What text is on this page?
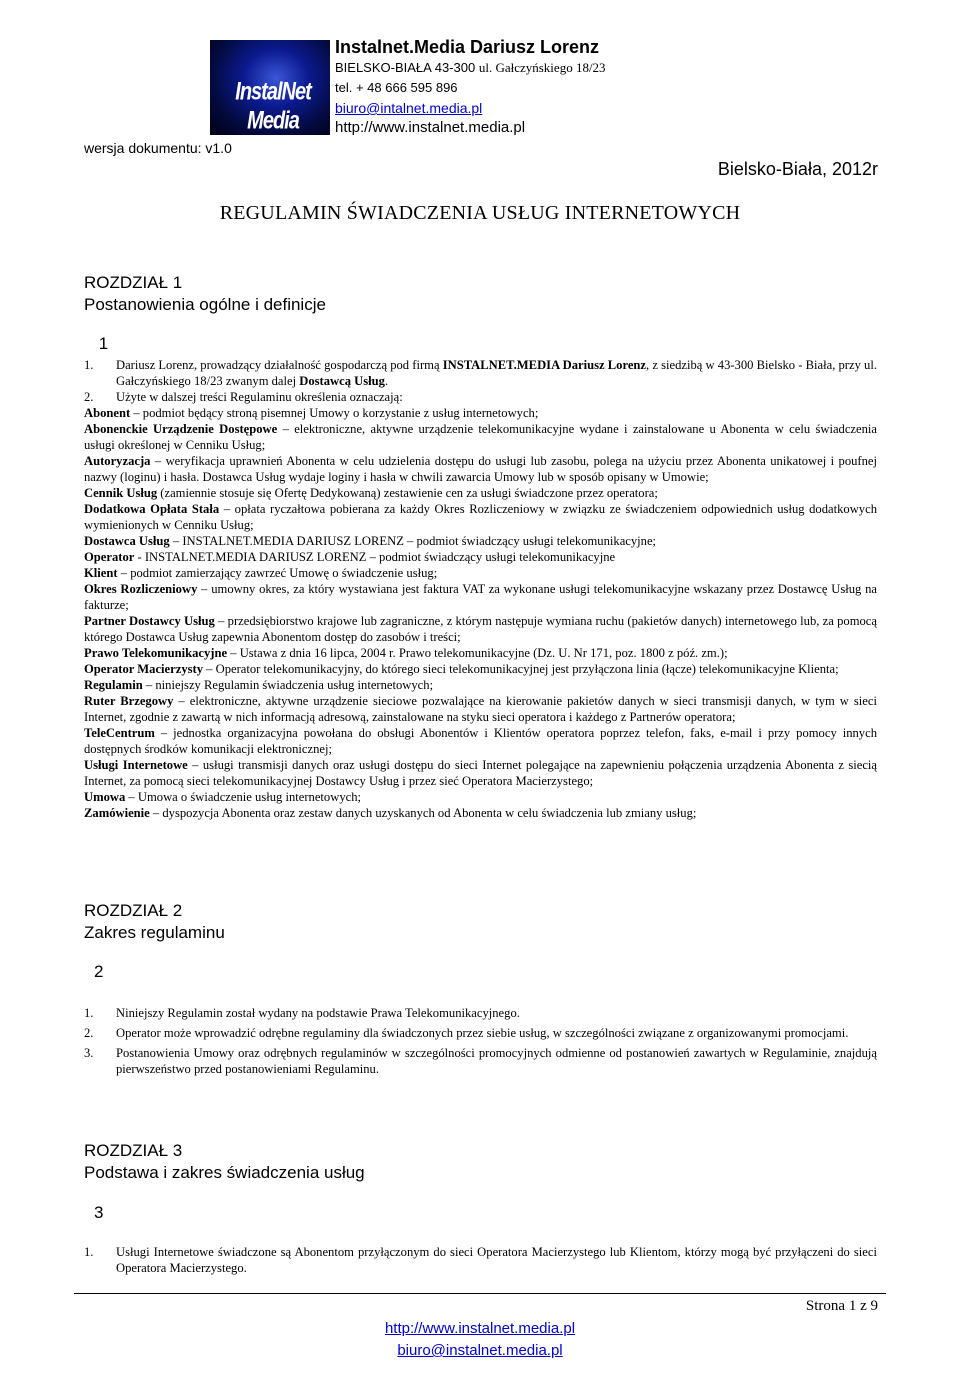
InstalNet Media
Instalnet.Media Dariusz Lorenz
BIELSKO-BIAŁA 43-300 ul. Gałczyńskiego 18/23
tel. + 48 666 595 896
biuro@intalnet.media.pl
http://www.instalnet.media.pl
wersja dokumentu: v1.0
Bielsko-Biała, 2012r
REGULAMIN ŚWIADCZENIA USŁUG INTERNETOWYCH
ROZDZIAŁ 1
Postanowienia ogólne i definicje
1
1.	Dariusz Lorenz, prowadzący działalność gospodarczą pod firmą INSTALNET.MEDIA Dariusz Lorenz, z siedzibą w 43-300 Bielsko - Biała, przy ul. Gałczyńskiego 18/23 zwanym dalej Dostawcą Usług.
2.	Użyte w dalszej treści Regulaminu określenia oznaczają:

Abonent – podmiot będący stroną pisemnej Umowy o korzystanie z usług internetowych;

Abonenckie Urządzenie Dostępowe – elektroniczne, aktywne urządzenie telekomunikacyjne wydane i zainstalowane u Abonenta w celu świadczenia usługi określonej w Cenniku Usług;

Autoryzacja – weryfikacja uprawnień Abonenta w celu udzielenia dostępu do usługi lub zasobu, polega na użyciu przez Abonenta unikatowej i poufnej nazwy (loginu) i hasła. Dostawca Usług wydaje loginy i hasła w chwili zawarcia Umowy lub w sposób opisany w Umowie;

Cennik Usług (zamiennie stosuje się Ofertę Dedykowaną) zestawienie cen za usługi świadczone przez operatora;

Dodatkowa Opłata Stała – opłata ryczałtowa pobierana za każdy Okres Rozliczeniowy w związku ze świadczeniem odpowiednich usług dodatkowych wymienionych w Cenniku Usług;

Dostawca Usług – INSTALNET.MEDIA DARIUSZ LORENZ – podmiot świadczący usługi telekomunikacyjne;

Operator - INSTALNET.MEDIA DARIUSZ LORENZ – podmiot świadczący usługi telekomunikacyjne

Klient – podmiot zamierzający zawrzeć Umowę o świadczenie usług;

Okres Rozliczeniowy – umowny okres, za który wystawiana jest faktura VAT za wykonane usługi telekomunikacyjne wskazany przez Dostawcę Usług na fakturze;

Partner Dostawcy Usług – przedsiębiorstwo krajowe lub zagraniczne, z którym następuje wymiana ruchu (pakietów danych) internetowego lub, za pomocą którego Dostawca Usług zapewnia Abonentom dostęp do zasobów i treści;

Prawo Telekomunikacyjne – Ustawa z dnia 16 lipca, 2004 r. Prawo telekomunikacyjne (Dz. U. Nr 171, poz. 1800 z póź. zm.);

Operator Macierzysty – Operator telekomunikacyjny, do którego sieci telekomunikacyjnej jest przyłączona linia (łącze) telekomunikacyjne Klienta;

Regulamin – niniejszy Regulamin świadczenia usług internetowych;

Ruter Brzegowy – elektroniczne, aktywne urządzenie sieciowe pozwalające na kierowanie pakietów danych w sieci transmisji danych, w tym w sieci Internet, zgodnie z zawartą w nich informacją adresową, zainstalowane na styku sieci operatora i każdego z Partnerów operatora;

TeleCentrum – jednostka organizacyjna powołana do obsługi Abonentów i Klientów operatora poprzez telefon, faks, e-mail i przy pomocy innych dostępnych środków komunikacji elektronicznej;

Usługi Internetowe – usługi transmisji danych oraz usługi dostępu do sieci Internet polegające na zapewnieniu połączenia urządzenia Abonenta z siecią Internet, za pomocą sieci telekomunikacyjnej Dostawcy Usług i przez sieć Operatora Macierzystego;

Umowa – Umowa o świadczenie usług internetowych;

Zamówienie – dyspozycja Abonenta oraz zestaw danych uzyskanych od Abonenta w celu świadczenia lub zmiany usług;

ROZDZIAŁ 2
Zakres regulaminu
2
1.	Niniejszy Regulamin został wydany na podstawie Prawa Telekomunikacyjnego.
2.	Operator może wprowadzić odrębne regulaminy dla świadczonych przez siebie usług, w szczególności związane z organizowanymi promocjami.
3.	Postanowienia Umowy oraz odrębnych regulaminów w szczególności promocyjnych odmienne od postanowień zawartych w Regulaminie, znajdują pierwszeństwo przed postanowieniami Regulaminu.
ROZDZIAŁ 3
Podstawa i zakres świadczenia usług
3
1.	Usługi Internetowe świadczone są Abonentom przyłączonym do sieci Operatora Macierzystego lub Klientom, którzy mogą być przyłączeni do sieci Operatora Macierzystego.
Strona 1 z 9
http://www.instalnet.media.pl
biuro@instalnet.media.pl
